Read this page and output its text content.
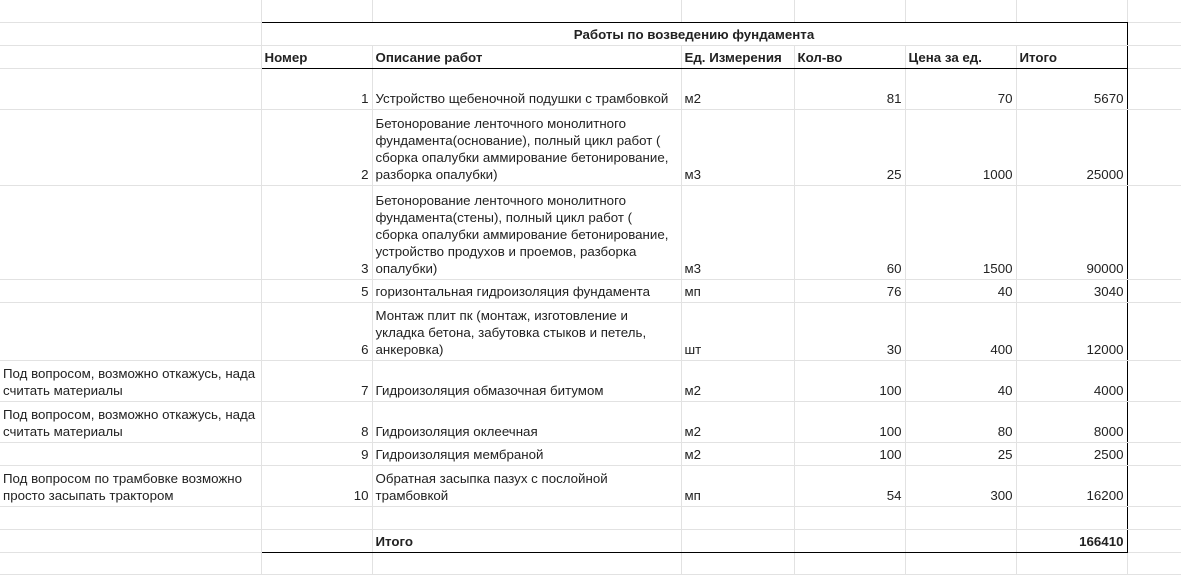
	Работы по возведению фундамента						
	Номер	Описание работ	Ед. Измерения	Кол-во	Цена за ед.	Итого	
	1	Устройство щебеночной подушки с трамбовкой	м2	81	70	5670	
	2	Бетонорование ленточного монолитного фундамента(основание), полный цикл работ ( сборка опалубки аммирование бетонирование, разборка опалубки)	м3	25	1000	25000	
	3	Бетонорование ленточного монолитного фундамента(стены), полный цикл работ ( сборка опалубки аммирование бетонирование, устройство продухов и проемов, разборка опалубки)	м3	60	1500	90000	
	5	горизонтальная гидроизоляция фундамента	мп	76	40	3040	
	6	Монтаж плит пк (монтаж, изготовление и укладка бетона, забутовка стыков и петель, анкеровка)	шт	30	400	12000	
Под вопросом, возможно откажусь, нада считать материалы	7	Гидроизоляция обмазочная битумом	м2	100	40	4000	
Под вопросом, возможно откажусь, нада считать материалы	8	Гидроизоляция оклеечная	м2	100	80	8000	
	9	Гидроизоляция мембраной	м2	100	25	2500	
Под вопросом по трамбовке возможно просто засыпать трактором	10	Обратная засыпка пазух с послойной трамбовкой	мп	54	300	16200	

		Итого				166410	
